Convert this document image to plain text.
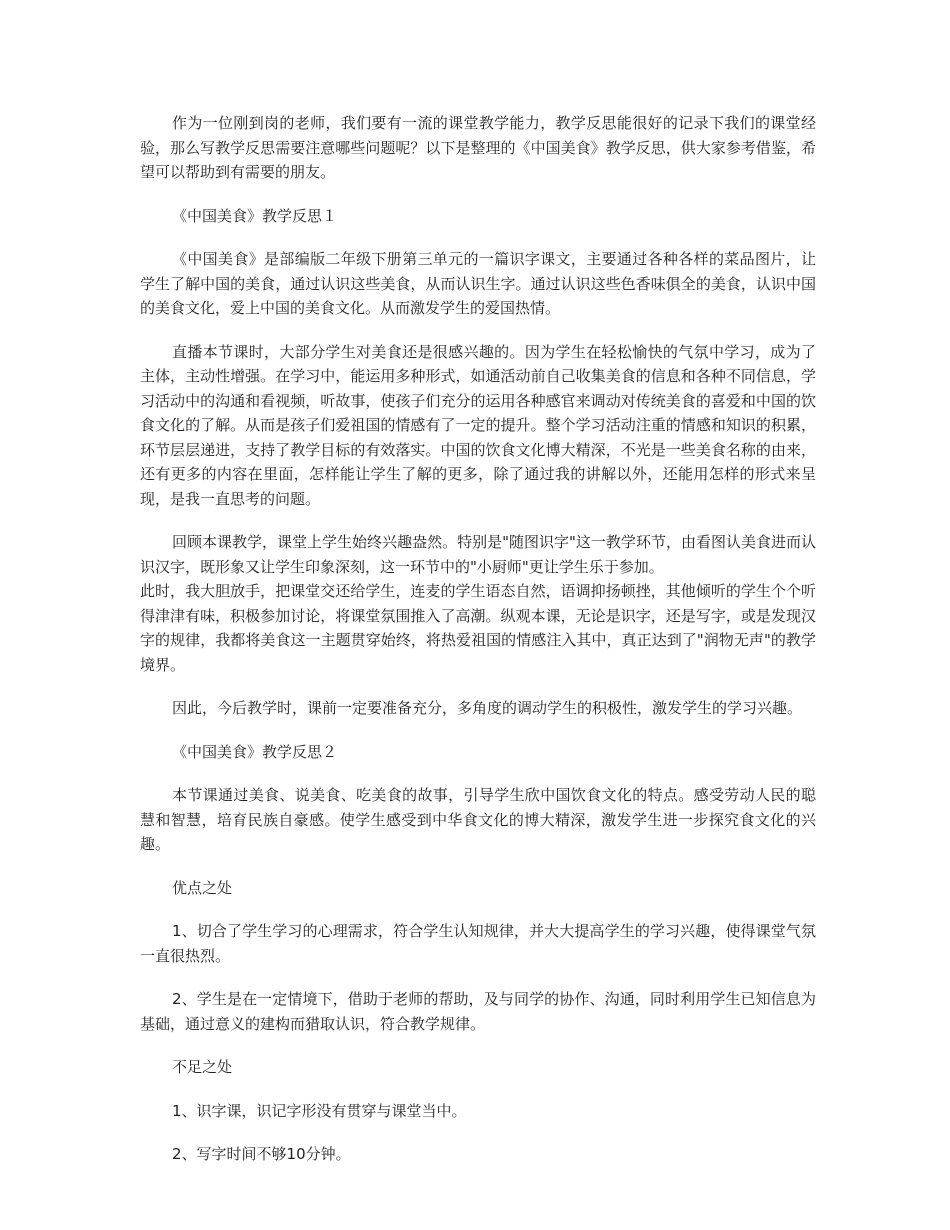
作为一位刚到岗的老师，我们要有一流的课堂教学能力，教学反思能很好的记录下我们的课堂经验，那么写教学反思需要注意哪些问题呢？以下是整理的《中国美食》教学反思，供大家参考借鉴，希望可以帮助到有需要的朋友。

《中国美食》教学反思１

《中国美食》是部编版二年级下册第三单元的一篇识字课文，主要通过各种各样的菜品图片，让学生了解中国的美食，通过认识这些美食，从而认识生字。通过认识这些色香味俱全的美食，认识中国的美食文化，爱上中国的美食文化。从而激发学生的爱国热情。

直播本节课时，大部分学生对美食还是很感兴趣的。因为学生在轻松愉快的气氛中学习，成为了主体，主动性增强。在学习中，能运用多种形式，如通活动前自己收集美食的信息和各种不同信息，学习活动中的沟通和看视频，听故事，使孩子们充分的运用各种感官来调动对传统美食的喜爱和中国的饮食文化的了解。从而是孩子们爱祖国的情感有了一定的提升。整个学习活动注重的情感和知识的积累，环节层层递进，支持了教学目标的有效落实。中国的饮食文化博大精深，不光是一些美食名称的由来，还有更多的内容在里面，怎样能让学生了解的更多，除了通过我的讲解以外，还能用怎样的形式来呈现，是我一直思考的问题。

回顾本课教学，课堂上学生始终兴趣盎然。特别是"随图识字"这一教学环节，由看图认美食进而认识汉字，既形象又让学生印象深刻，这一环节中的"小厨师"更让学生乐于参加。

此时，我大胆放手，把课堂交还给学生，连麦的学生语态自然，语调抑扬顿挫，其他倾听的学生个个听得津津有味，积极参加讨论，将课堂氛围推入了高潮。纵观本课，无论是识字，还是写字，或是发现汉字的规律，我都将美食这一主题贯穿始终，将热爱祖国的情感注入其中，真正达到了"润物无声"的教学境界。

因此，今后教学时，课前一定要准备充分，多角度的调动学生的积极性，激发学生的学习兴趣。

《中国美食》教学反思２

本节课通过美食、说美食、吃美食的故事，引导学生欣中国饮食文化的特点。感受劳动人民的聪慧和智慧，培育民族自豪感。使学生感受到中华食文化的博大精深，激发学生进一步探究食文化的兴趣。

优点之处

1、切合了学生学习的心理需求，符合学生认知规律，并大大提高学生的学习兴趣，使得课堂气氛一直很热烈。

2、学生是在一定情境下，借助于老师的帮助，及与同学的协作、沟通，同时利用学生已知信息为基础，通过意义的建构而猎取认识，符合教学规律。

不足之处

1、识字课，识记字形没有贯穿与课堂当中。

2、写字时间不够10分钟。
